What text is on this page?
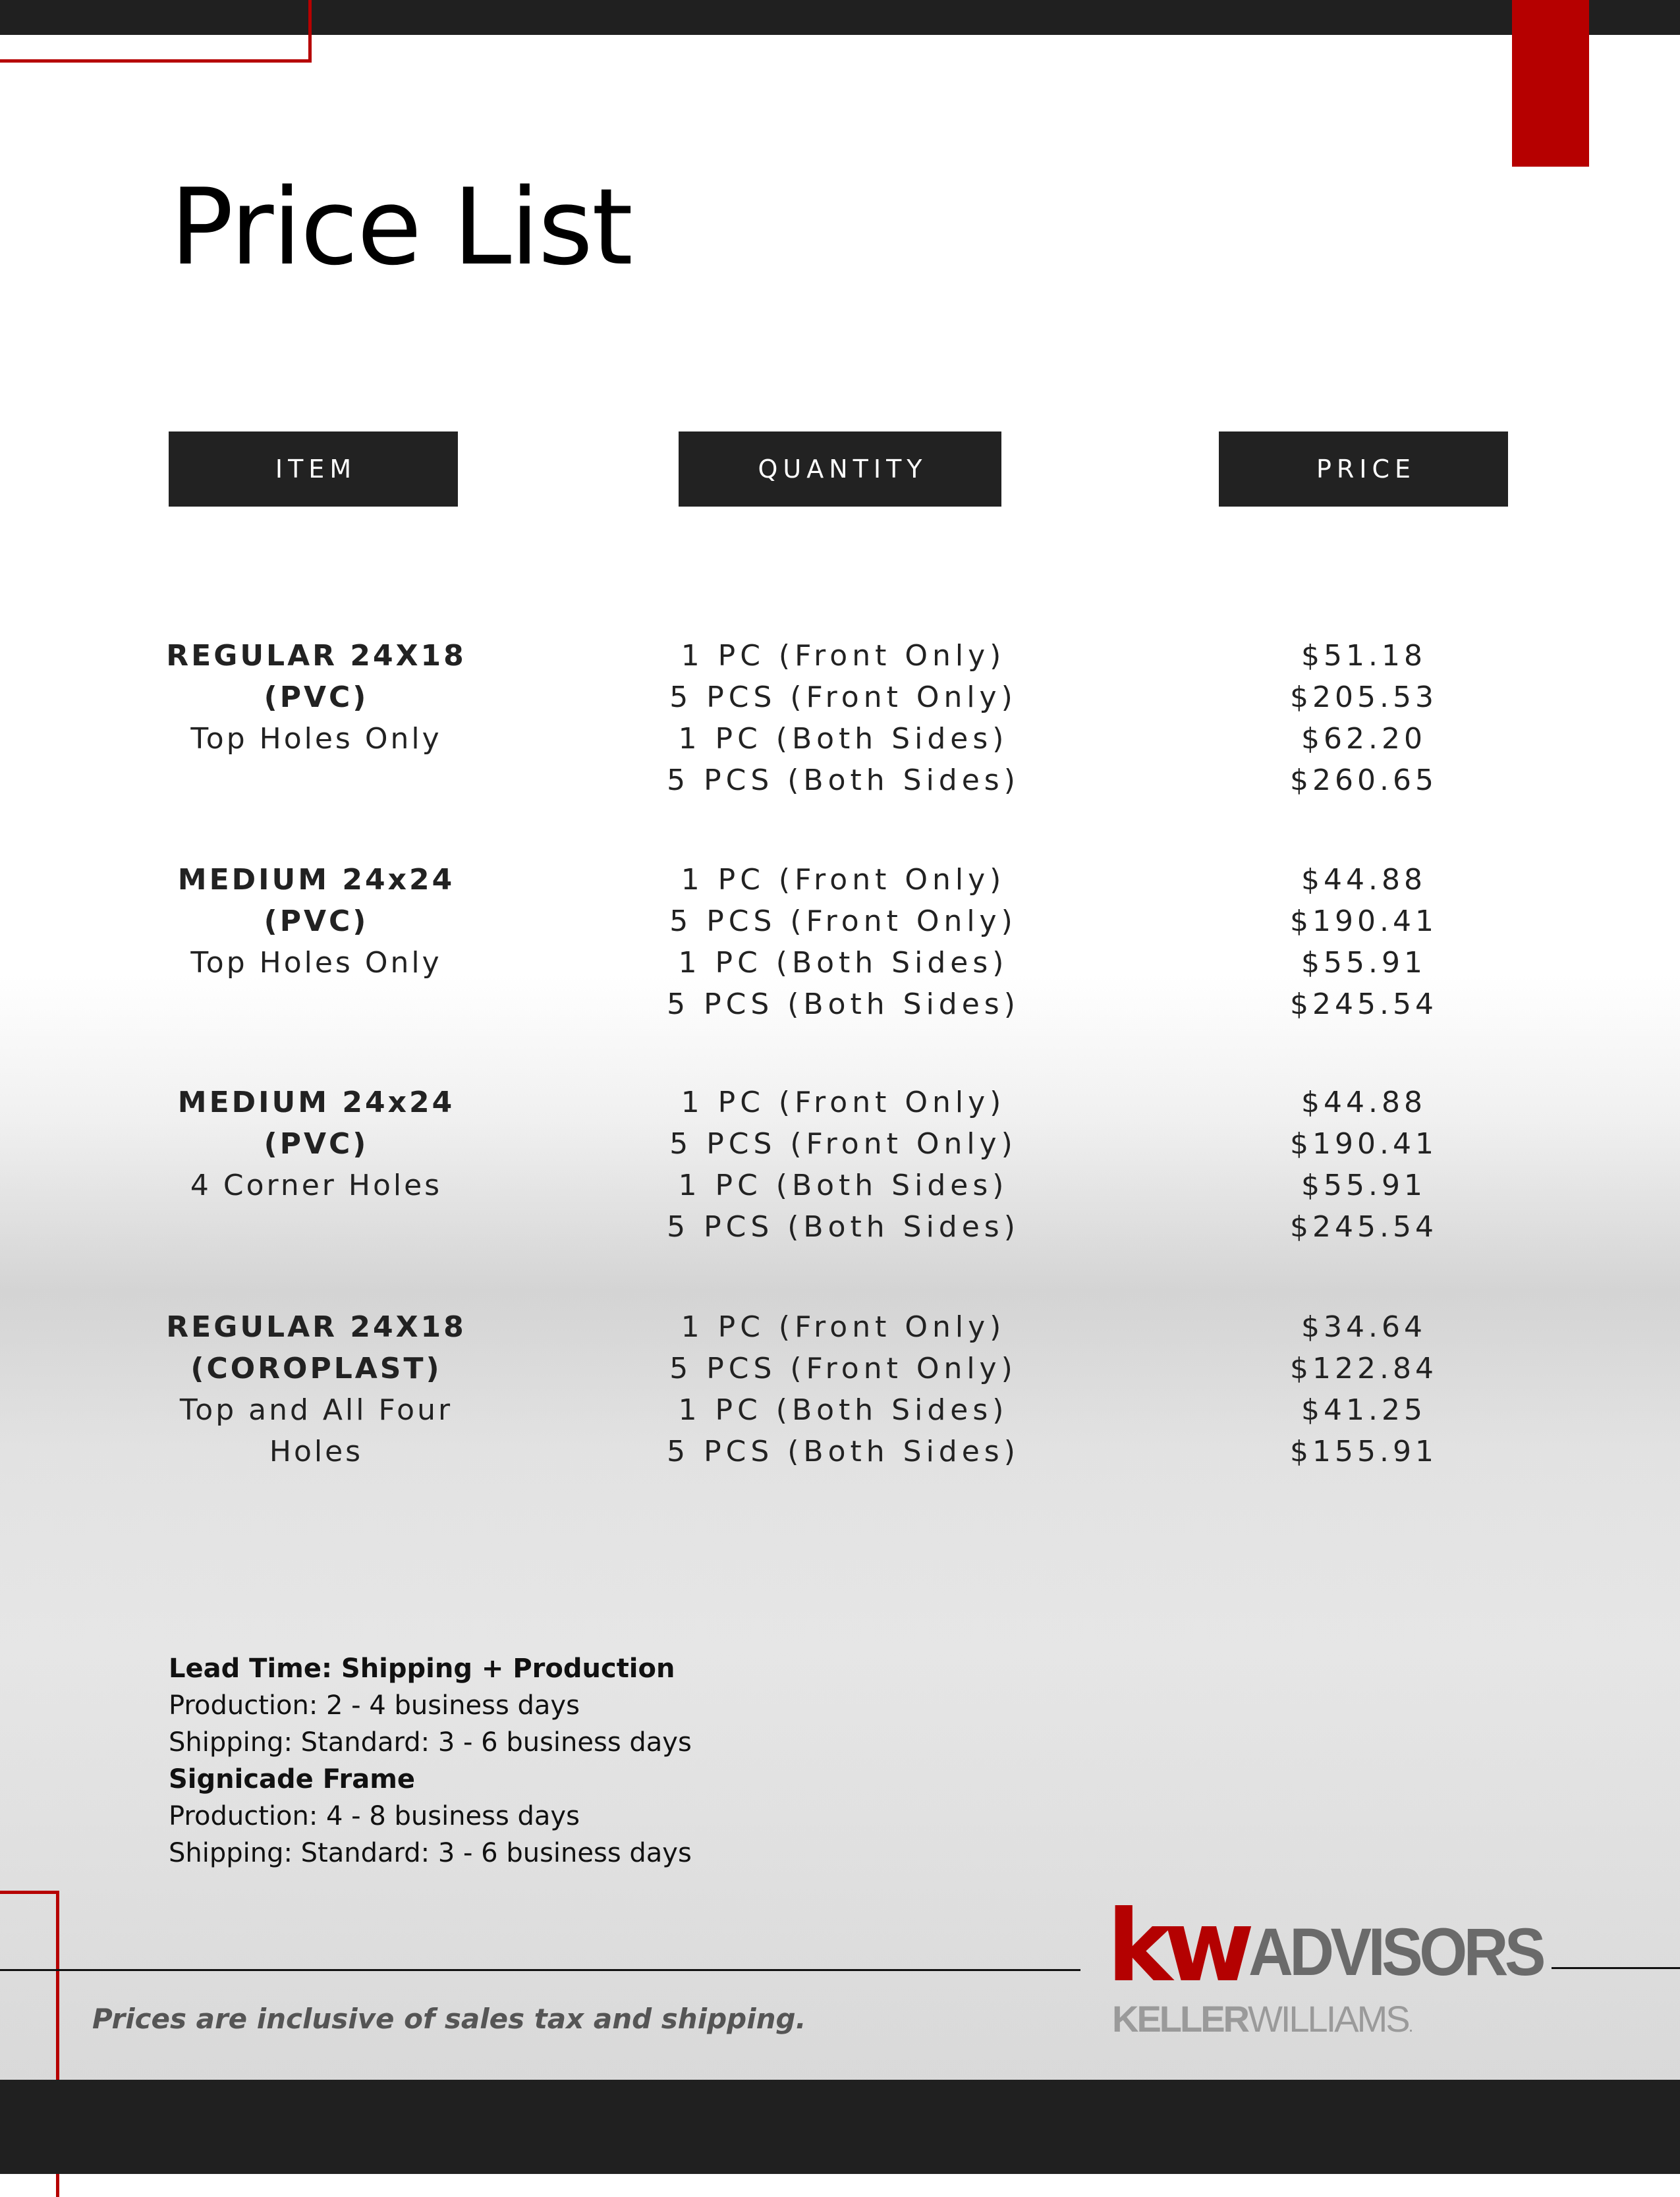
Price List
ITEM	QUANTITY	PRICE
REGULAR 24X18
(PVC)
Top Holes Only
1 PC (Front Only)
5 PCS (Front Only)
1 PC (Both Sides)
5 PCS (Both Sides)
$51.18
$205.53
$62.20
$260.65
MEDIUM 24x24
(PVC)
Top Holes Only
1 PC (Front Only)
5 PCS (Front Only)
1 PC (Both Sides)
5 PCS (Both Sides)
$44.88
$190.41
$55.91
$245.54
MEDIUM 24x24
(PVC)
4 Corner Holes
1 PC (Front Only)
5 PCS (Front Only)
1 PC (Both Sides)
5 PCS (Both Sides)
$44.88
$190.41
$55.91
$245.54
REGULAR 24X18
(COROPLAST)
Top and All Four
Holes
1 PC (Front Only)
5 PCS (Front Only)
1 PC (Both Sides)
5 PCS (Both Sides)
$34.64
$122.84
$41.25
$155.91
Lead Time: Shipping + Production
Production: 2 - 4 business days
Shipping: Standard: 3 - 6 business days
Signicade Frame
Production: 4 - 8 business days
Shipping: Standard: 3 - 6 business days
Prices are inclusive of sales tax and shipping.
kw ADVISORS
KELLERWILLIAMS.
